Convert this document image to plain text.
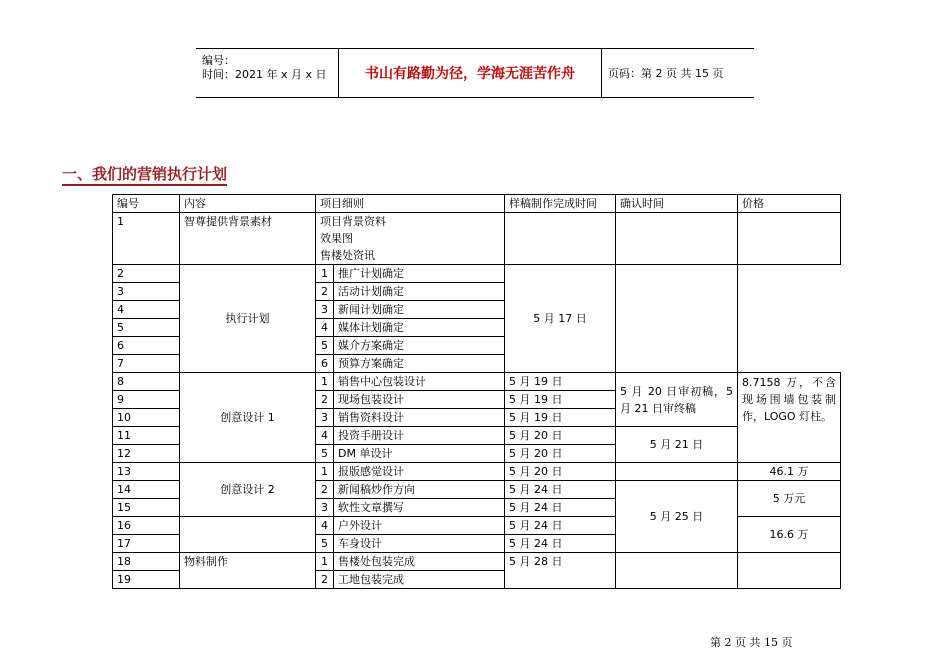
编号：
时间：2021 年 x 月 x 日	书山有路勤为径，学海无涯苦作舟	页码：第 2 页 共 15 页
一、我们的营销执行计划
编号	内容	项目细则		样稿制作完成时间	确认时间	价格
1	智尊提供背景素材	项目背景资料
效果图
售楼处资讯				

2	执行计划	1	推广计划确定	5 月 17 日		
3		2	活动计划确定			
4		3	新闻计划确定			
5		4	媒体计划确定			
6		5	媒介方案确定			
7		6	预算方案确定			
8	创意设计 1	1	销售中心包装设计	5 月 19 日	5 月 20 日审初稿，5 月 21 日审终稿	8.7158 万，不含现场围墙包装制作，LOGO 灯柱。
9		2	现场包装设计	5 月 19 日		
10		3	销售资料设计	5 月 19 日		
11		4	投资手册设计	5 月 20 日	5 月 21 日	
12		5	DM 单设计	5 月 20 日		
13	创意设计 2	1	报版感觉设计	5 月 20 日		46.1 万
14		2	新闻稿炒作方向	5 月 24 日	5 月 25 日	5 万元
15		3	软性文章撰写	5 月 24 日		
16		4	户外设计	5 月 24 日		16.6 万
17		5	车身设计	5 月 24 日		
18	物料制作	1	售楼处包装完成	5 月 28 日		
19		2	工地包装完成			
第 2 页 共 15 页
